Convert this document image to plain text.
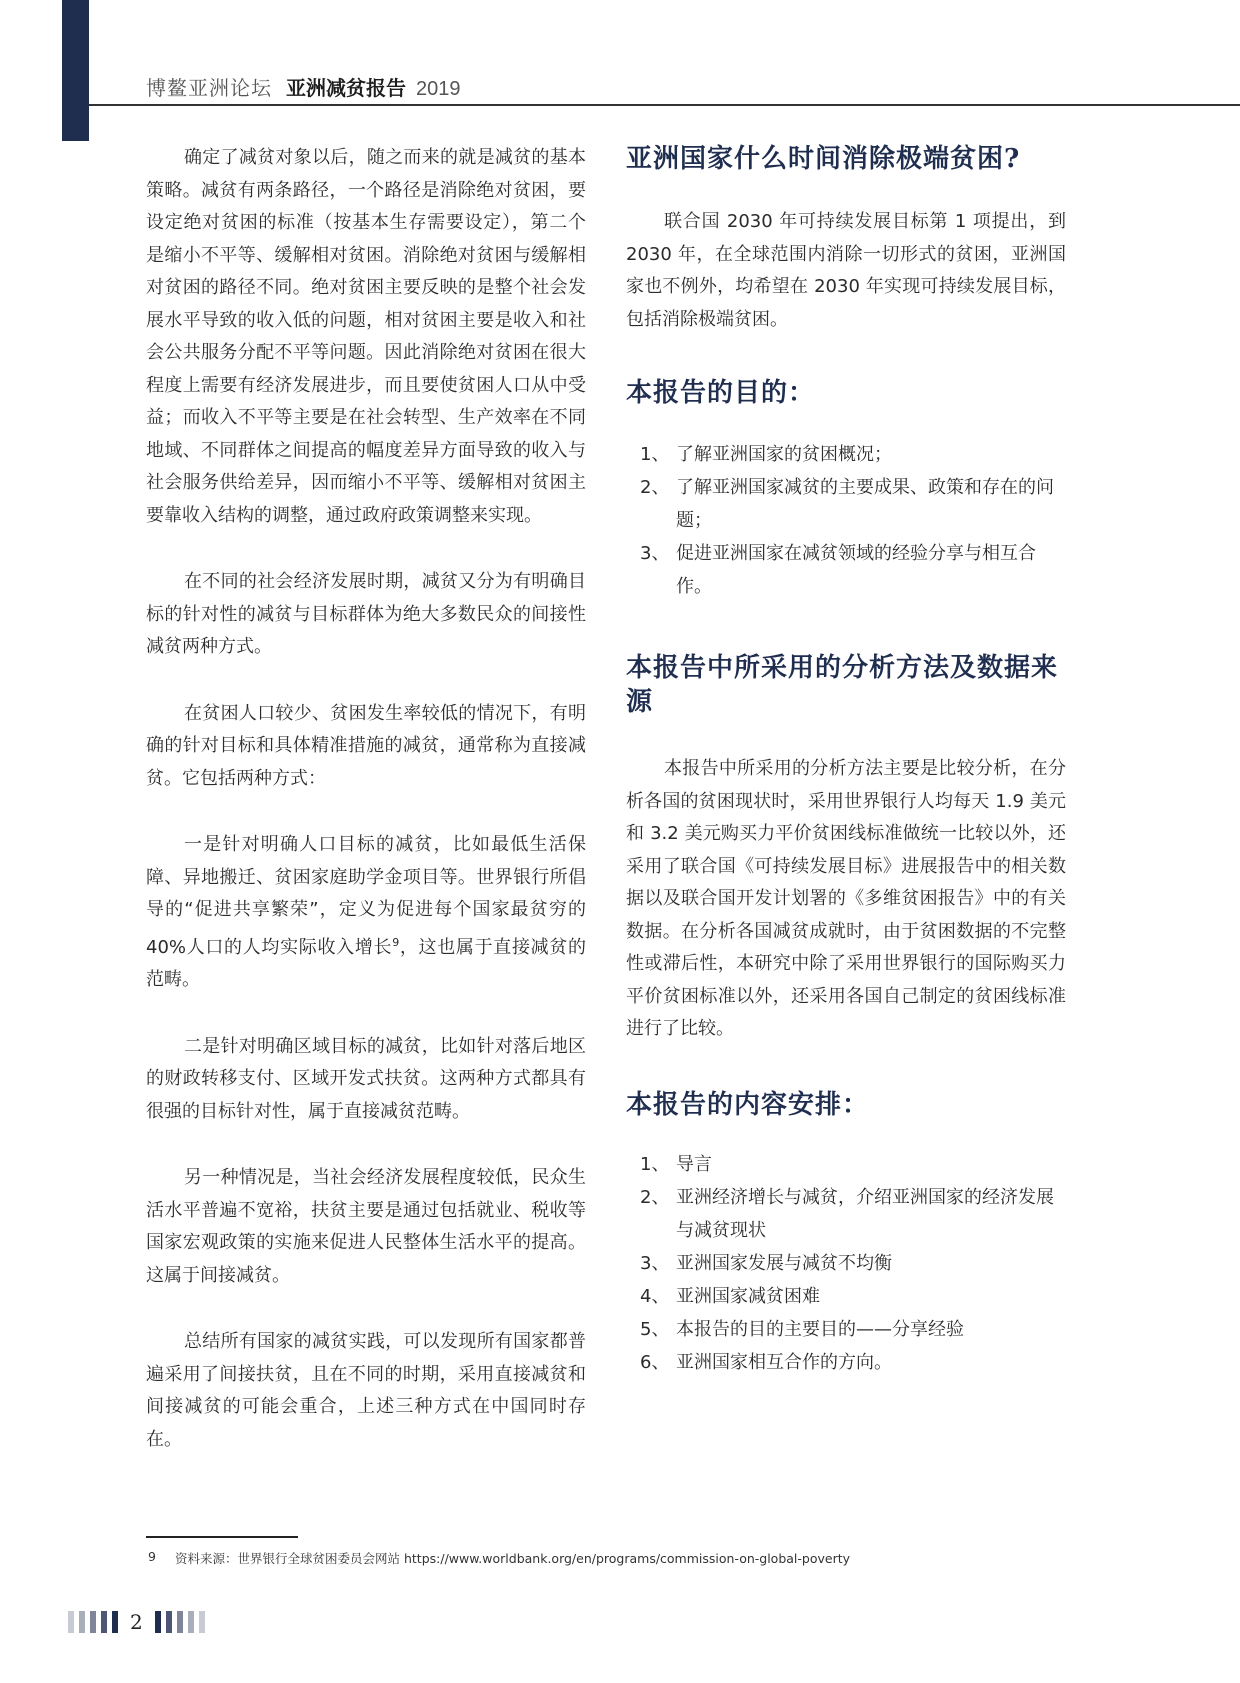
博鳌亚洲论坛 亚洲减贫报告 2019

确定了减贫对象以后，随之而来的就是减贫的基本策略。减贫有两条路径，一个路径是消除绝对贫困，要设定绝对贫困的标准（按基本生存需要设定），第二个是缩小不平等、缓解相对贫困。消除绝对贫困与缓解相对贫困的路径不同。绝对贫困主要反映的是整个社会发展水平导致的收入低的问题，相对贫困主要是收入和社会公共服务分配不平等问题。因此消除绝对贫困在很大程度上需要有经济发展进步，而且要使贫困人口从中受益；而收入不平等主要是在社会转型、生产效率在不同地域、不同群体之间提高的幅度差异方面导致的收入与社会服务供给差异，因而缩小不平等、缓解相对贫困主要靠收入结构的调整，通过政府政策调整来实现。

在不同的社会经济发展时期，减贫又分为有明确目标的针对性的减贫与目标群体为绝大多数民众的间接性减贫两种方式。

在贫困人口较少、贫困发生率较低的情况下，有明确的针对目标和具体精准措施的减贫，通常称为直接减贫。它包括两种方式：

一是针对明确人口目标的减贫，比如最低生活保障、异地搬迁、贫困家庭助学金项目等。世界银行所倡导的“促进共享繁荣”，定义为促进每个国家最贫穷的 40%人口的人均实际收入增长$^9$，这也属于直接减贫的范畴。

二是针对明确区域目标的减贫，比如针对落后地区的财政转移支付、区域开发式扶贫。这两种方式都具有很强的目标针对性，属于直接减贫范畴。

另一种情况是，当社会经济发展程度较低，民众生活水平普遍不宽裕，扶贫主要是通过包括就业、税收等国家宏观政策的实施来促进人民整体生活水平的提高。这属于间接减贫。

总结所有国家的减贫实践，可以发现所有国家都普遍采用了间接扶贫，且在不同的时期，采用直接减贫和间接减贫的可能会重合，上述三种方式在中国同时存在。

亚洲国家什么时间消除极端贫困?

联合国 2030 年可持续发展目标第 1 项提出，到 2030 年，在全球范围内消除一切形式的贫困，亚洲国家也不例外，均希望在 2030 年实现可持续发展目标，包括消除极端贫困。

本报告的目的：
1、 了解亚洲国家的贫困概况；
2、 了解亚洲国家减贫的主要成果、政策和存在的问题；
3、 促进亚洲国家在减贫领域的经验分享与相互合作。
本报告中所采用的分析方法及数据来源

本报告中所采用的分析方法主要是比较分析，在分析各国的贫困现状时，采用世界银行人均每天 1.9 美元和 3.2 美元购买力平价贫困线标准做统一比较以外，还采用了联合国《可持续发展目标》进展报告中的相关数据以及联合国开发计划署的《多维贫困报告》中的有关数据。在分析各国减贫成就时，由于贫困数据的不完整性或滞后性，本研究中除了采用世界银行的国际购买力平价贫困标准以外，还采用各国自己制定的贫困线标准进行了比较。

本报告的内容安排：
1、 导言
2、 亚洲经济增长与减贫，介绍亚洲国家的经济发展与减贫现状
3、 亚洲国家发展与减贫不均衡
4、 亚洲国家减贫困难
5、 本报告的目的主要目的——分享经验
6、 亚洲国家相互合作的方向。
9	资料来源：世界银行全球贫困委员会网站 https://www.worldbank.org/en/programs/commission-on-global-poverty
2
